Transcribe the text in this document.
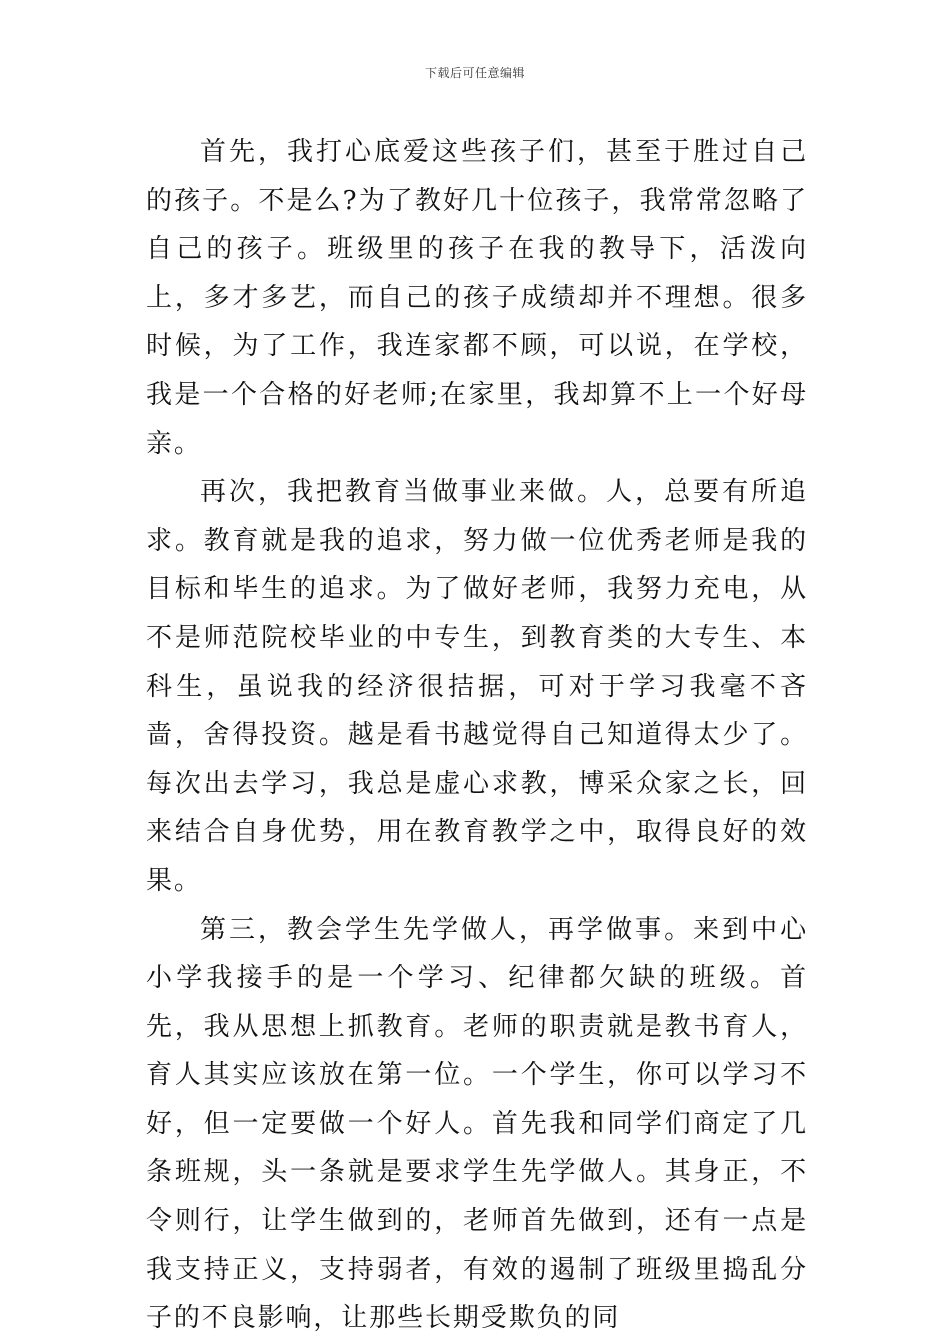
下载后可任意编辑

首先，我打心底爱这些孩子们，甚至于胜过自己的孩子。不是么?为了教好几十位孩子，我常常忽略了自己的孩子。班级里的孩子在我的教导下，活泼向上，多才多艺，而自己的孩子成绩却并不理想。很多时候，为了工作，我连家都不顾，可以说，在学校，我是一个合格的好老师;在家里，我却算不上一个好母亲。

再次，我把教育当做事业来做。人，总要有所追求。教育就是我的追求，努力做一位优秀老师是我的目标和毕生的追求。为了做好老师，我努力充电，从不是师范院校毕业的中专生，到教育类的大专生、本科生，虽说我的经济很拮据，可对于学习我毫不吝啬，舍得投资。越是看书越觉得自己知道得太少了。每次出去学习，我总是虚心求教，博采众家之长，回来结合自身优势，用在教育教学之中，取得良好的效果。

第三，教会学生先学做人，再学做事。来到中心小学我接手的是一个学习、纪律都欠缺的班级。首先，我从思想上抓教育。老师的职责就是教书育人，育人其实应该放在第一位。一个学生，你可以学习不好，但一定要做一个好人。首先我和同学们商定了几条班规，头一条就是要求学生先学做人。其身正，不令则行，让学生做到的，老师首先做到，还有一点是我支持正义，支持弱者，有效的遏制了班级里捣乱分子的不良影响，让那些长期受欺负的同
